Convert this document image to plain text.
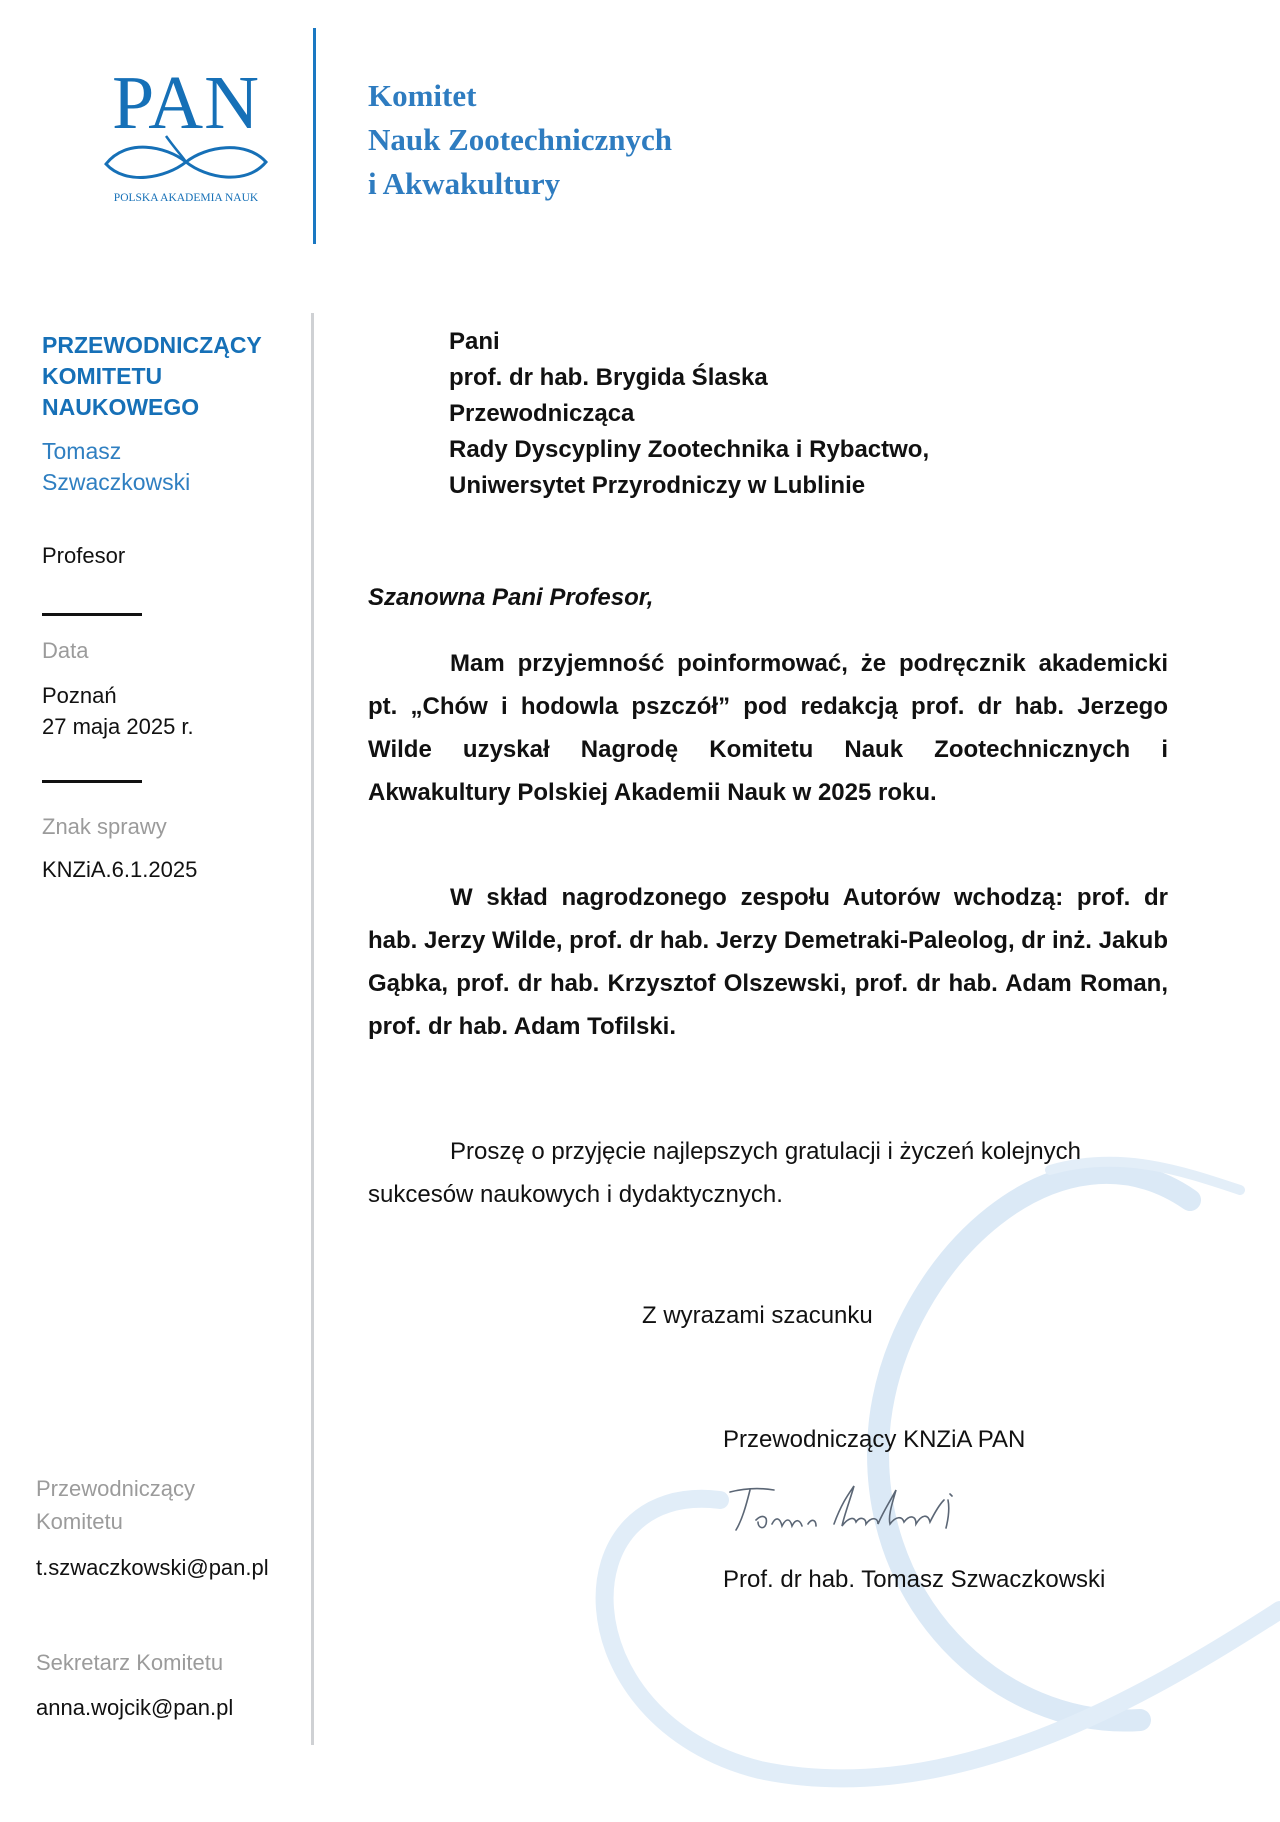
PAN
POLSKA AKADEMIA NAUK
Komitet
Nauk Zootechnicznych
i Akwakultury
PRZEWODNICZĄCY
KOMITETU
NAUKOWEGO
Tomasz
Szwaczkowski
Profesor
Data
Poznań
27 maja 2025 r.
Znak sprawy
KNZiA.6.1.2025
Przewodniczący
Komitetu
t.szwaczkowski@pan.pl
Sekretarz Komitetu
anna.wojcik@pan.pl
Pani
prof. dr hab. Brygida Ślaska
Przewodnicząca
Rady Dyscypliny Zootechnika i Rybactwo,
Uniwersytet Przyrodniczy w Lublinie
Szanowna Pani Profesor,
Mam przyjemność poinformować, że podręcznik akademicki pt. „Chów i hodowla pszczół” pod redakcją prof. dr hab. Jerzego Wilde uzyskał Nagrodę Komitetu Nauk Zootechnicznych i Akwakultury Polskiej Akademii Nauk w 2025 roku.
W skład nagrodzonego zespołu Autorów wchodzą: prof. dr hab. Jerzy Wilde, prof. dr hab. Jerzy Demetraki-Paleolog, dr inż. Jakub Gąbka, prof. dr hab. Krzysztof Olszewski, prof. dr hab. Adam Roman, prof. dr hab. Adam Tofilski.
Proszę o przyjęcie najlepszych gratulacji i życzeń kolejnych sukcesów naukowych i dydaktycznych.
Z wyrazami szacunku
Przewodniczący KNZiA PAN
Prof. dr hab. Tomasz Szwaczkowski
